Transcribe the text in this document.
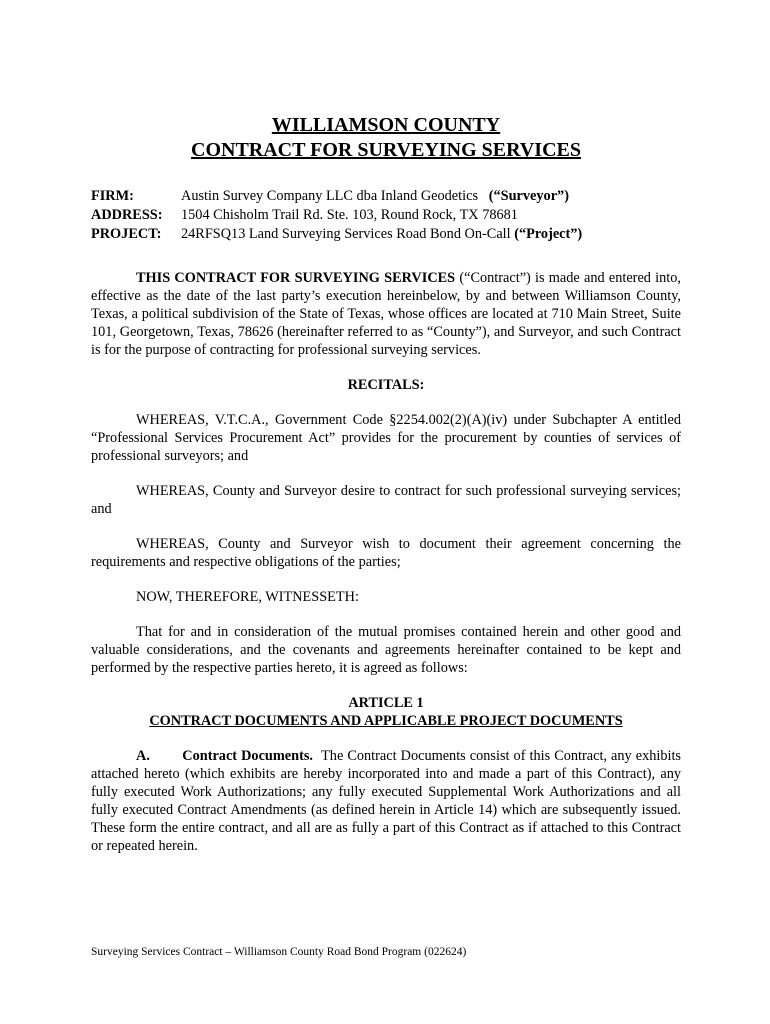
WILLIAMSON COUNTY
CONTRACT FOR SURVEYING SERVICES
FIRM:	Austin Survey Company LLC dba Inland Geodetics (“Surveyor”)
ADDRESS:	1504 Chisholm Trail Rd. Ste. 103, Round Rock, TX 78681
PROJECT:	24RFSQ13 Land Surveying Services Road Bond On-Call (“Project”)

THIS CONTRACT FOR SURVEYING SERVICES (“Contract”) is made and entered into, effective as the date of the last party’s execution hereinbelow, by and between Williamson County, Texas, a political subdivision of the State of Texas, whose offices are located at 710 Main Street, Suite 101, Georgetown, Texas, 78626 (hereinafter referred to as “County”), and Surveyor, and such Contract is for the purpose of contracting for professional surveying services.

RECITALS:

WHEREAS, V.T.C.A., Government Code §2254.002(2)(A)(iv) under Subchapter A entitled “Professional Services Procurement Act” provides for the procurement by counties of services of professional surveyors; and

WHEREAS, County and Surveyor desire to contract for such professional surveying services; and

WHEREAS, County and Surveyor wish to document their agreement concerning the requirements and respective obligations of the parties;

NOW, THEREFORE, WITNESSETH:

That for and in consideration of the mutual promises contained herein and other good and valuable considerations, and the covenants and agreements hereinafter contained to be kept and performed by the respective parties hereto, it is agreed as follows:

ARTICLE 1

CONTRACT DOCUMENTS AND APPLICABLE PROJECT DOCUMENTS

A. Contract Documents. The Contract Documents consist of this Contract, any exhibits attached hereto (which exhibits are hereby incorporated into and made a part of this Contract), any fully executed Work Authorizations; any fully executed Supplemental Work Authorizations and all fully executed Contract Amendments (as defined herein in Article 14) which are subsequently issued. These form the entire contract, and all are as fully a part of this Contract as if attached to this Contract or repeated herein.

Surveying Services Contract – Williamson County Road Bond Program (022624)
